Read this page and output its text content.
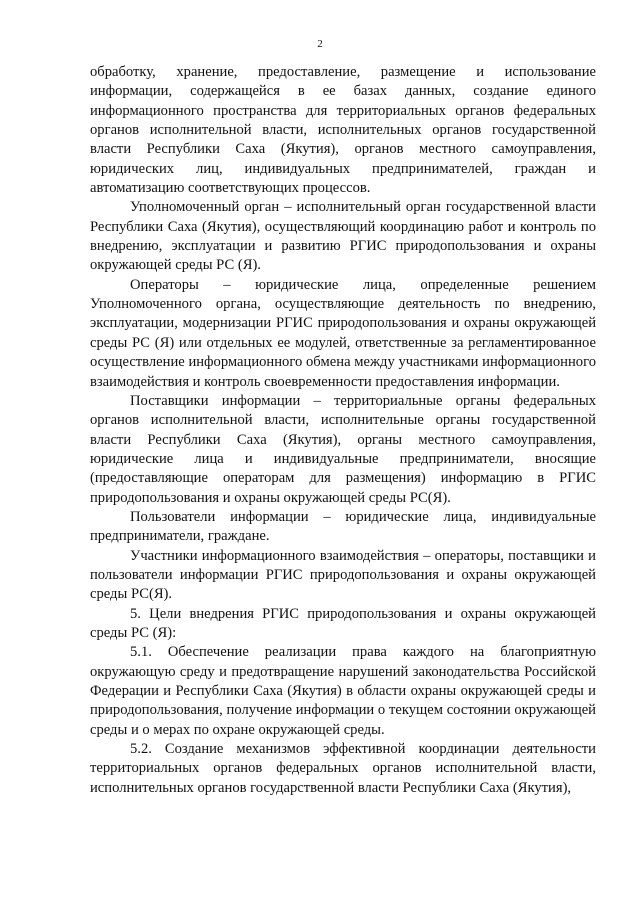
2

обработку, хранение, предоставление, размещение и использование информации, содержащейся в ее базах данных, создание единого информационного пространства для территориальных органов федеральных органов исполнительной власти, исполнительных органов государственной власти Республики Саха (Якутия), органов местного самоуправления, юридических лиц, индивидуальных предпринимателей, граждан и автоматизацию соответствующих процессов.

Уполномоченный орган – исполнительный орган государственной власти Республики Саха (Якутия), осуществляющий координацию работ и контроль по внедрению, эксплуатации и развитию РГИС природопользования и охраны окружающей среды РС (Я).

Операторы – юридические лица, определенные решением Уполномоченного органа, осуществляющие деятельность по внедрению, эксплуатации, модернизации РГИС природопользования и охраны окружающей среды РС (Я) или отдельных ее модулей, ответственные за регламентированное осуществление информационного обмена между участниками информационного взаимодействия и контроль своевременности предоставления информации.

Поставщики информации – территориальные органы федеральных органов исполнительной власти, исполнительные органы государственной власти Республики Саха (Якутия), органы местного самоуправления, юридические лица и индивидуальные предприниматели, вносящие (предоставляющие операторам для размещения) информацию в РГИС природопользования и охраны окружающей среды РС(Я).

Пользователи информации – юридические лица, индивидуальные предприниматели, граждане.

Участники информационного взаимодействия – операторы, поставщики и пользователи информации РГИС природопользования и охраны окружающей среды РС(Я).

5. Цели внедрения РГИС природопользования и охраны окружающей среды РС (Я):

5.1. Обеспечение реализации права каждого на благоприятную окружающую среду и предотвращение нарушений законодательства Российской Федерации и Республики Саха (Якутия) в области охраны окружающей среды и природопользования, получение информации о текущем состоянии окружающей среды и о мерах по охране окружающей среды.

5.2. Создание механизмов эффективной координации деятельности территориальных органов федеральных органов исполнительной власти, исполнительных органов государственной власти Республики Саха (Якутия),
